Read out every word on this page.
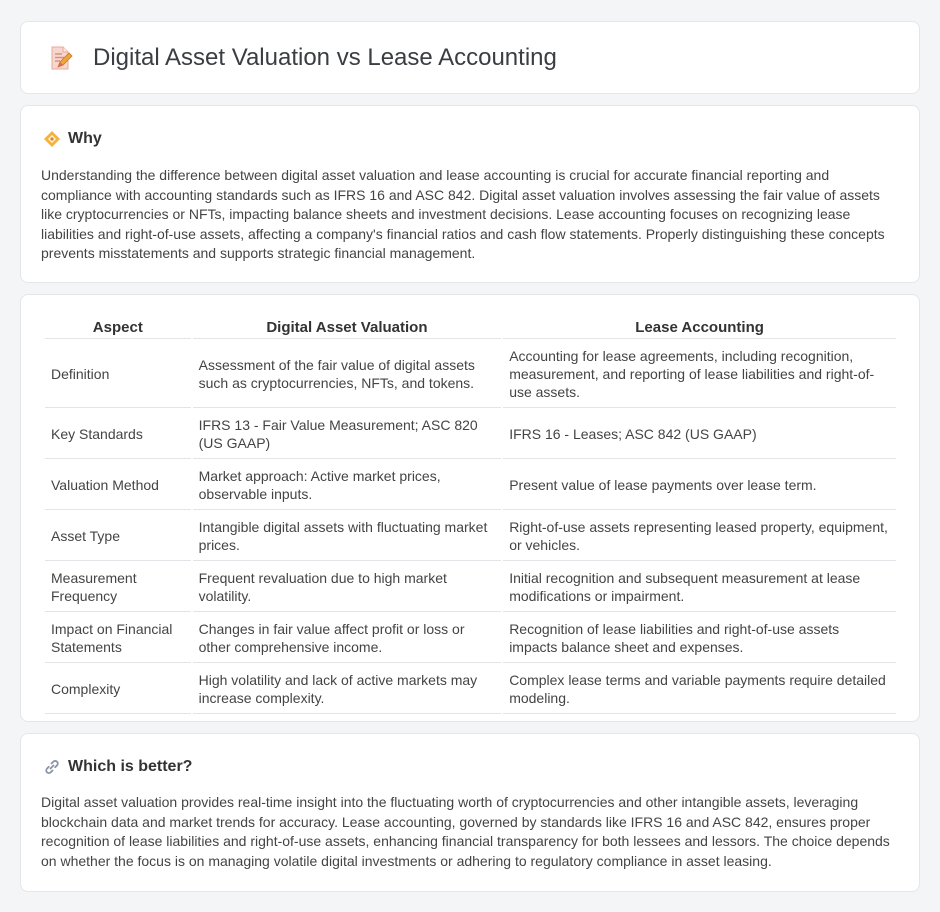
Digital Asset Valuation vs Lease Accounting
Why

Understanding the difference between digital asset valuation and lease accounting is crucial for accurate financial reporting and compliance with accounting standards such as IFRS 16 and ASC 842. Digital asset valuation involves assessing the fair value of assets like cryptocurrencies or NFTs, impacting balance sheets and investment decisions. Lease accounting focuses on recognizing lease liabilities and right-of-use assets, affecting a company's financial ratios and cash flow statements. Properly distinguishing these concepts prevents misstatements and supports strategic financial management.

Aspect	Digital Asset Valuation	Lease Accounting
Definition	Assessment of the fair value of digital assets such as cryptocurrencies, NFTs, and tokens.	Accounting for lease agreements, including recognition, measurement, and reporting of lease liabilities and right-of-use assets.
Key Standards	IFRS 13 - Fair Value Measurement; ASC 820 (US GAAP)	IFRS 16 - Leases; ASC 842 (US GAAP)
Valuation Method	Market approach: Active market prices, observable inputs.	Present value of lease payments over lease term.
Asset Type	Intangible digital assets with fluctuating market prices.	Right-of-use assets representing leased property, equipment, or vehicles.
Measurement Frequency	Frequent revaluation due to high market volatility.	Initial recognition and subsequent measurement at lease modifications or impairment.
Impact on Financial Statements	Changes in fair value affect profit or loss or other comprehensive income.	Recognition of lease liabilities and right-of-use assets impacts balance sheet and expenses.
Complexity	High volatility and lack of active markets may increase complexity.	Complex lease terms and variable payments require detailed modeling.
Which is better?

Digital asset valuation provides real-time insight into the fluctuating worth of cryptocurrencies and other intangible assets, leveraging blockchain data and market trends for accuracy. Lease accounting, governed by standards like IFRS 16 and ASC 842, ensures proper recognition of lease liabilities and right-of-use assets, enhancing financial transparency for both lessees and lessors. The choice depends on whether the focus is on managing volatile digital investments or adhering to regulatory compliance in asset leasing.
